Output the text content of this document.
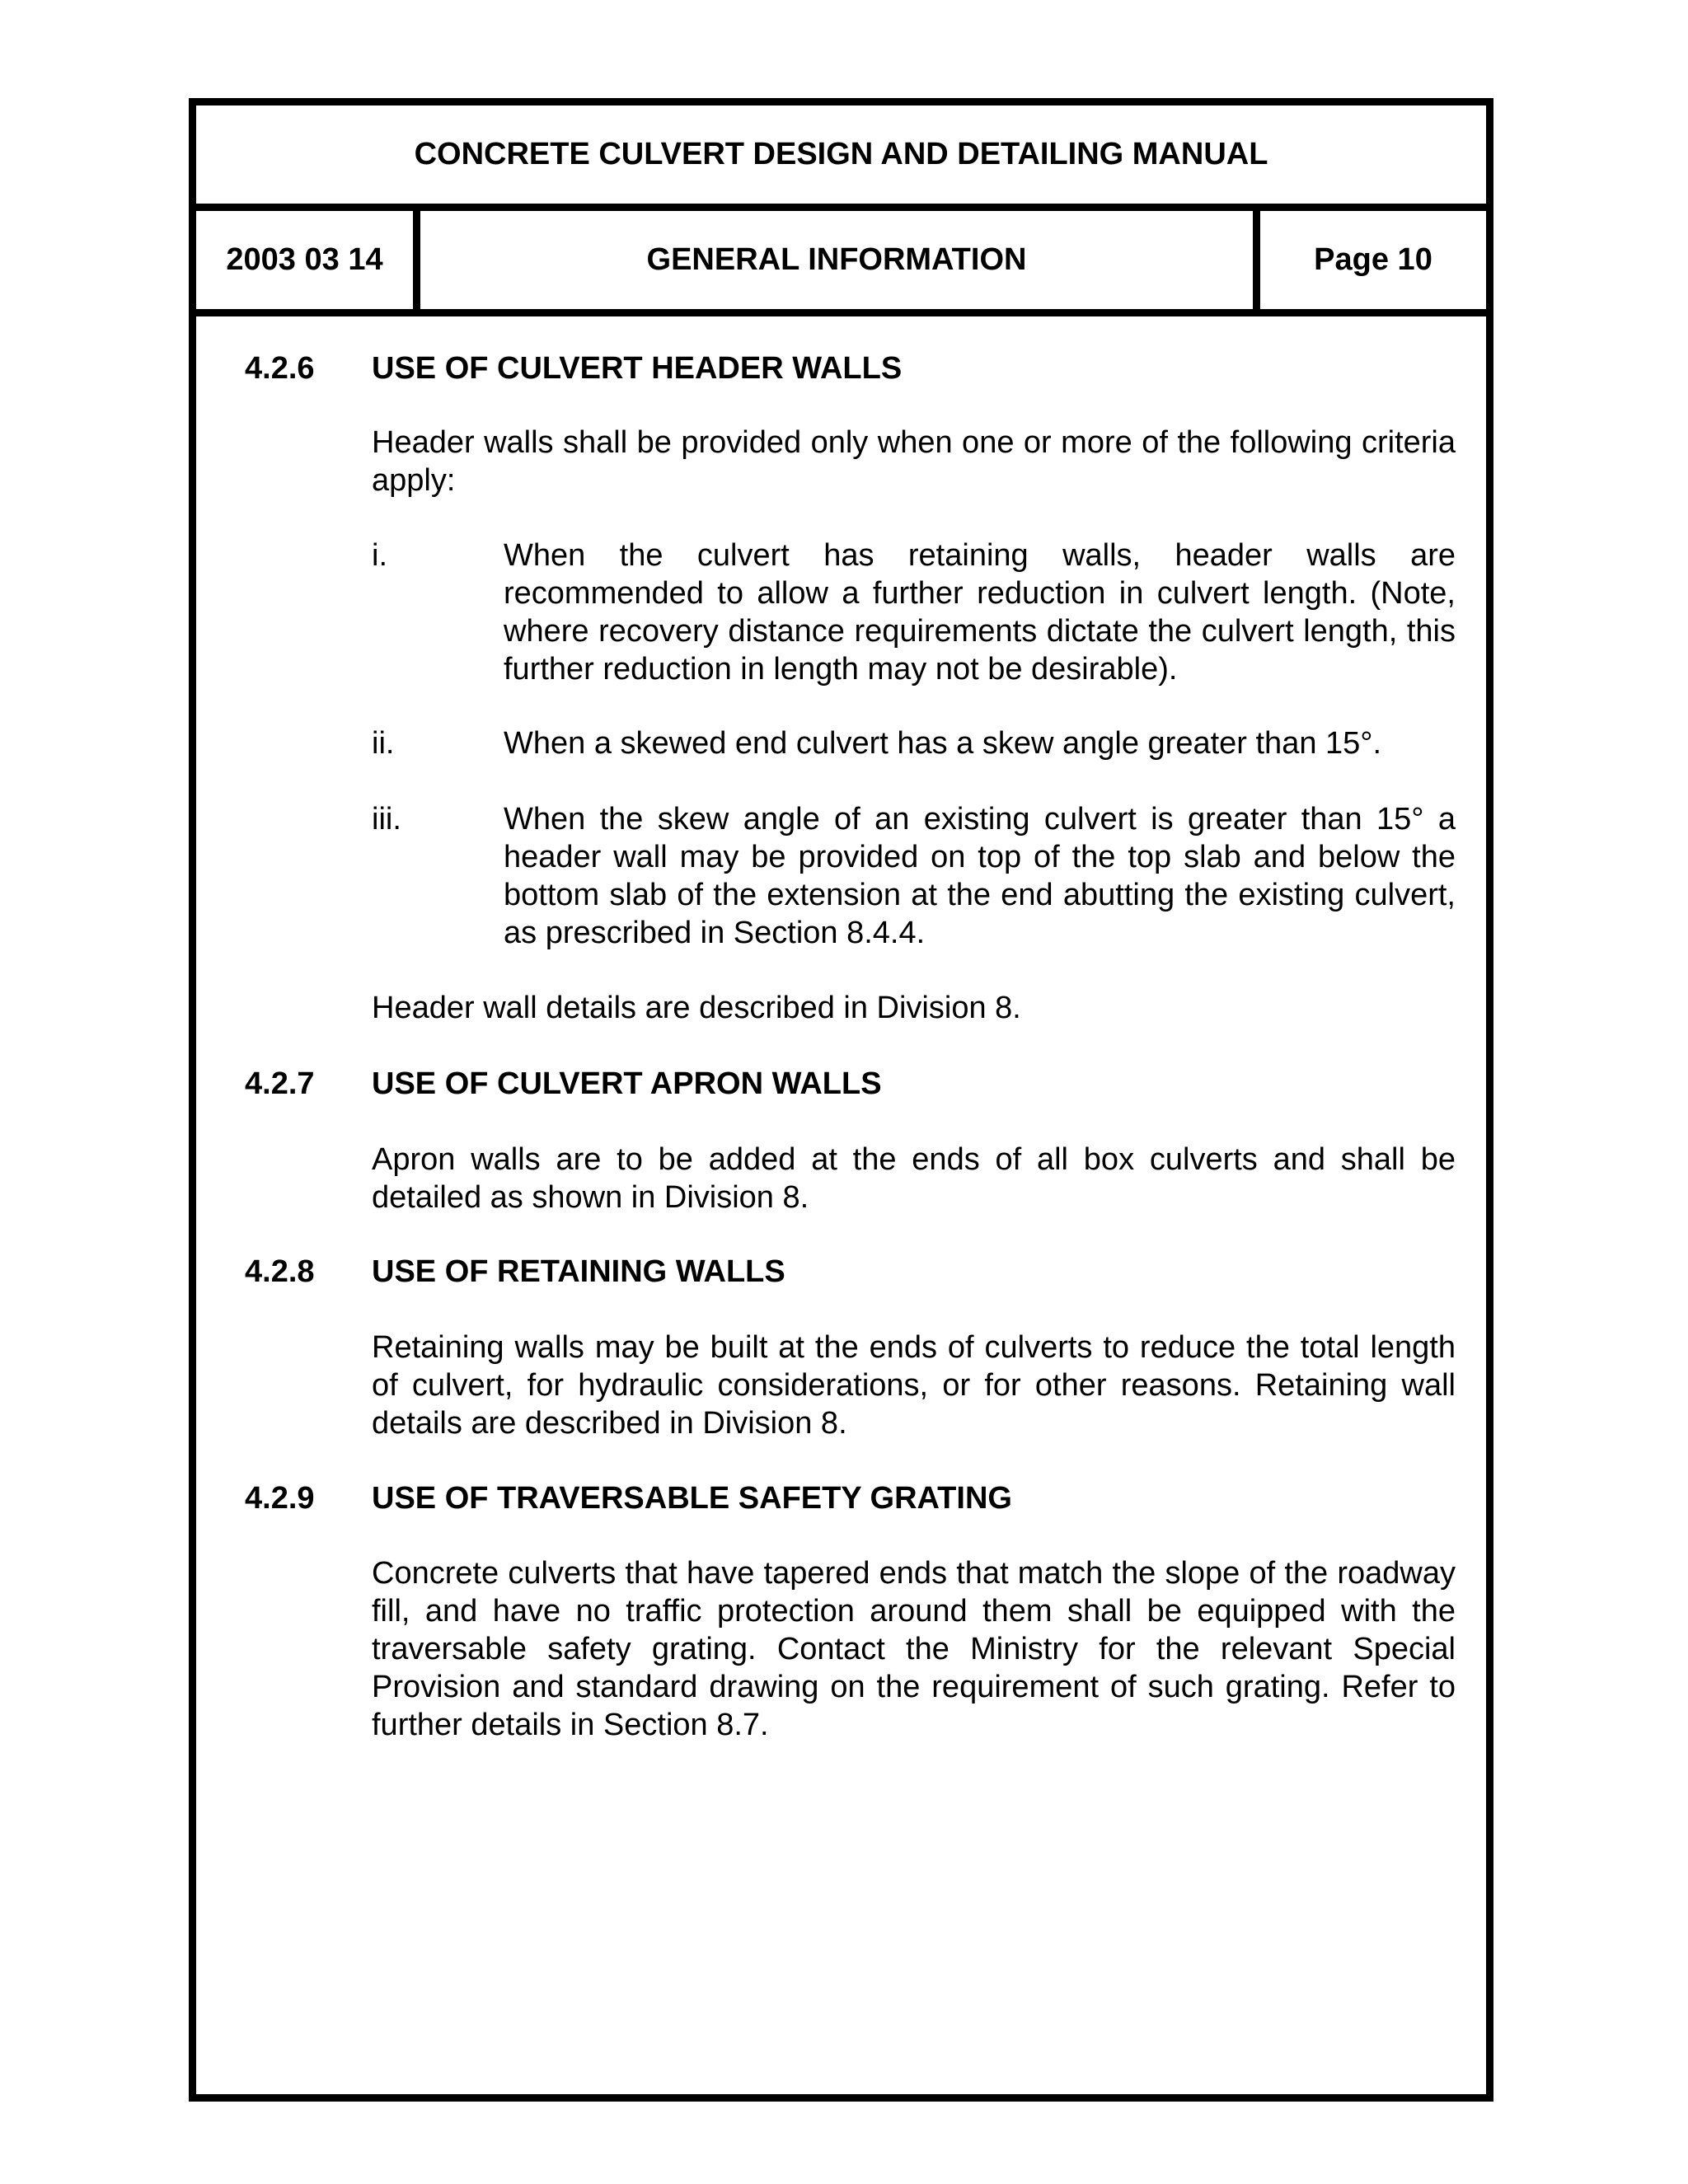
CONCRETE CULVERT DESIGN AND DETAILING MANUAL
2003 03 14	GENERAL INFORMATION	Page 10
4.2.6 USE OF CULVERT HEADER WALLS
Header walls shall be provided only when one or more of the following criteria apply:
i.	When the culvert has retaining walls, header walls are recommended to allow a further reduction in culvert length. (Note, where recovery distance requirements dictate the culvert length, this further reduction in length may not be desirable).
ii.	When a skewed end culvert has a skew angle greater than 15°.
iii.	When the skew angle of an existing culvert is greater than 15° a header wall may be provided on top of the top slab and below the bottom slab of the extension at the end abutting the existing culvert, as prescribed in Section 8.4.4.
Header wall details are described in Division 8.
4.2.7 USE OF CULVERT APRON WALLS
Apron walls are to be added at the ends of all box culverts and shall be detailed as shown in Division 8.
4.2.8 USE OF RETAINING WALLS
Retaining walls may be built at the ends of culverts to reduce the total length of culvert, for hydraulic considerations, or for other reasons. Retaining wall details are described in Division 8.
4.2.9 USE OF TRAVERSABLE SAFETY GRATING
Concrete culverts that have tapered ends that match the slope of the roadway fill, and have no traffic protection around them shall be equipped with the traversable safety grating. Contact the Ministry for the relevant Special Provision and standard drawing on the requirement of such grating. Refer to further details in Section 8.7.
